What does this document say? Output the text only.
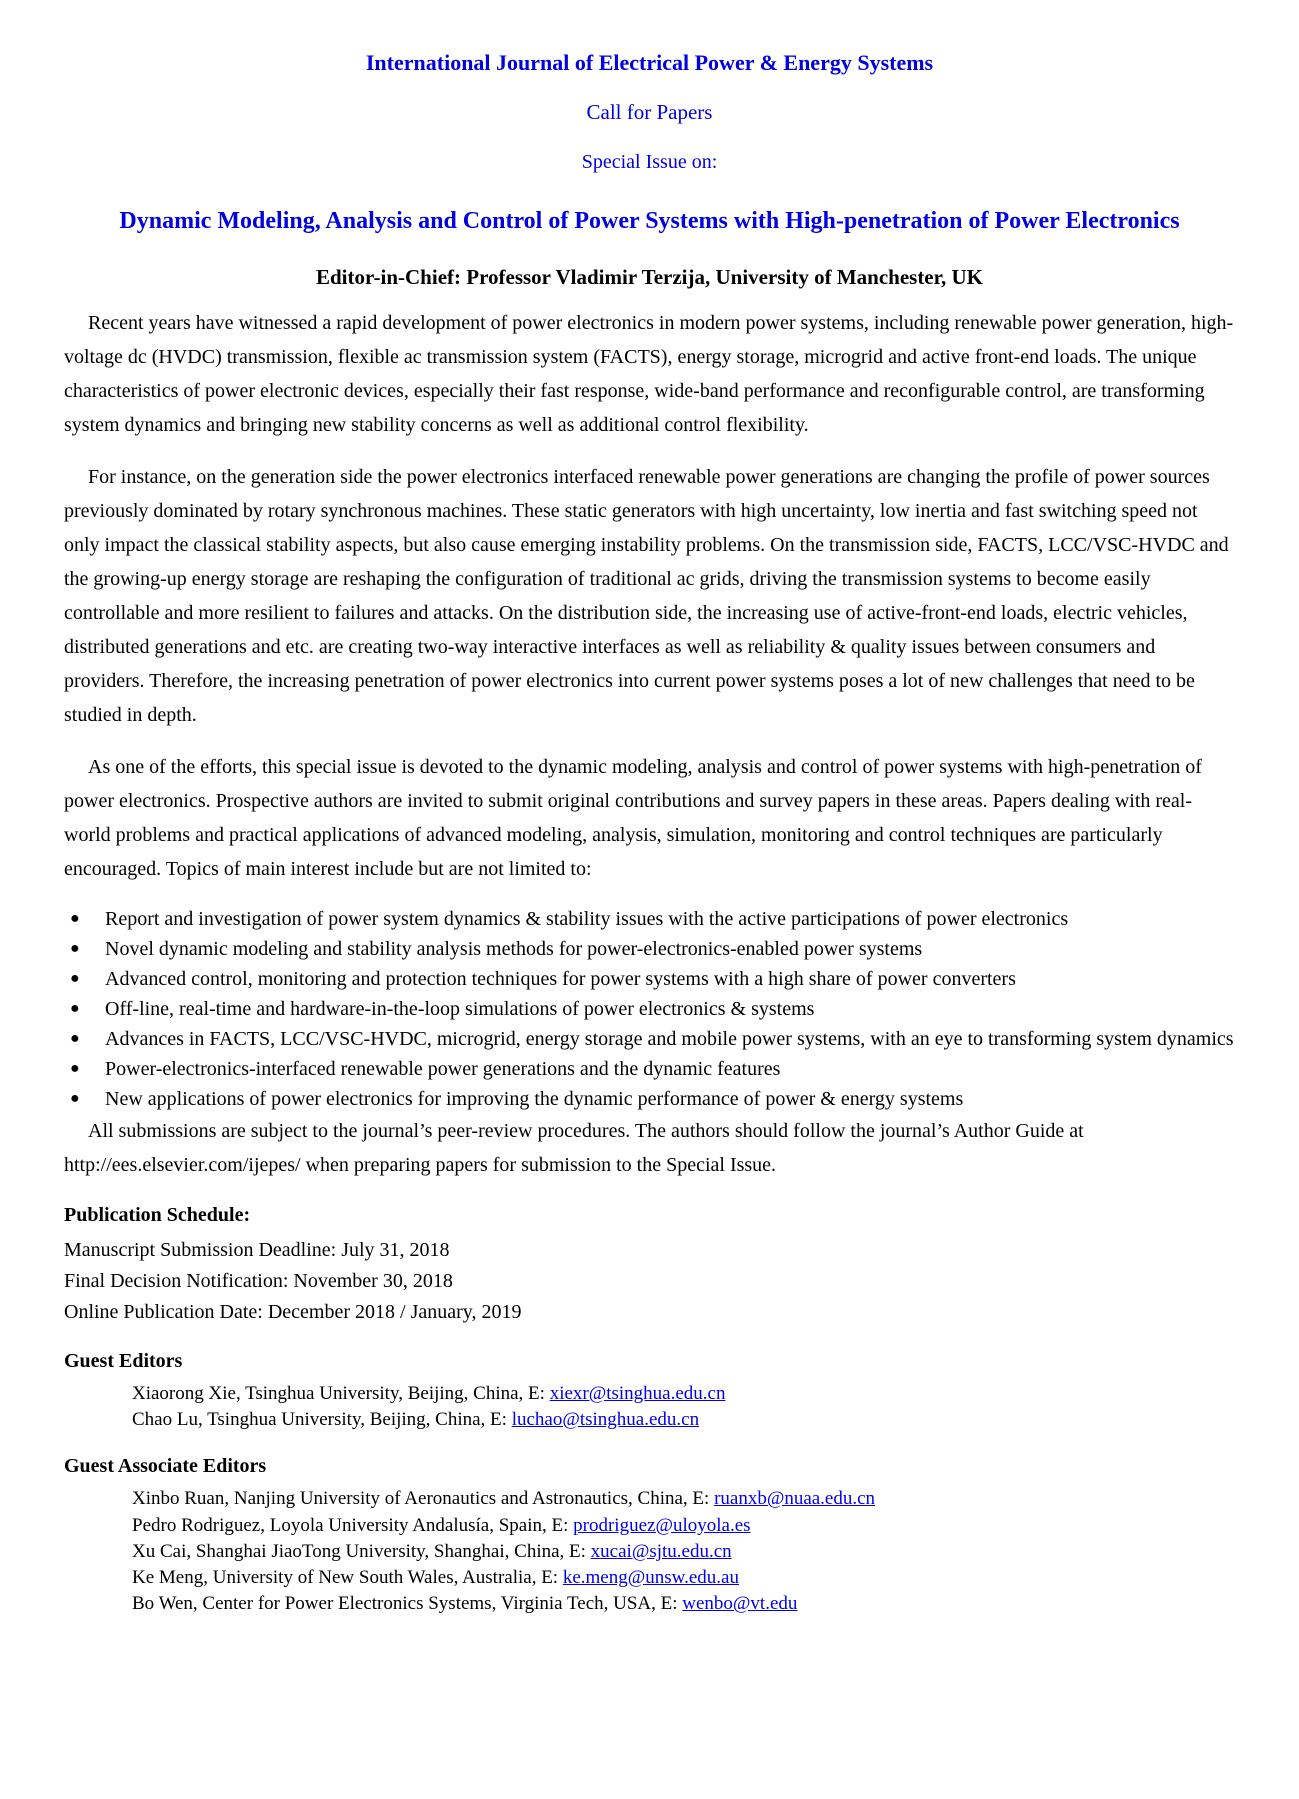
International Journal of Electrical Power & Energy Systems
Call for Papers
Special Issue on:
Dynamic Modeling, Analysis and Control of Power Systems with High-penetration of Power Electronics
Editor-in-Chief: Professor Vladimir Terzija, University of Manchester, UK

Recent years have witnessed a rapid development of power electronics in modern power systems, including renewable power generation, high-voltage dc (HVDC) transmission, flexible ac transmission system (FACTS), energy storage, microgrid and active front-end loads. The unique characteristics of power electronic devices, especially their fast response, wide-band performance and reconfigurable control, are transforming system dynamics and bringing new stability concerns as well as additional control flexibility.

For instance, on the generation side the power electronics interfaced renewable power generations are changing the profile of power sources previously dominated by rotary synchronous machines. These static generators with high uncertainty, low inertia and fast switching speed not only impact the classical stability aspects, but also cause emerging instability problems. On the transmission side, FACTS, LCC/VSC-HVDC and the growing-up energy storage are reshaping the configuration of traditional ac grids, driving the transmission systems to become easily controllable and more resilient to failures and attacks. On the distribution side, the increasing use of active-front-end loads, electric vehicles, distributed generations and etc. are creating two-way interactive interfaces as well as reliability & quality issues between consumers and providers. Therefore, the increasing penetration of power electronics into current power systems poses a lot of new challenges that need to be studied in depth.

As one of the efforts, this special issue is devoted to the dynamic modeling, analysis and control of power systems with high-penetration of power electronics. Prospective authors are invited to submit original contributions and survey papers in these areas. Papers dealing with real-world problems and practical applications of advanced modeling, analysis, simulation, monitoring and control techniques are particularly encouraged. Topics of main interest include but are not limited to:

● Report and investigation of power system dynamics & stability issues with the active participations of power electronics
● Novel dynamic modeling and stability analysis methods for power-electronics-enabled power systems
● Advanced control, monitoring and protection techniques for power systems with a high share of power converters
● Off-line, real-time and hardware-in-the-loop simulations of power electronics & systems
● Advances in FACTS, LCC/VSC-HVDC, microgrid, energy storage and mobile power systems, with an eye to transforming system dynamics
● Power-electronics-interfaced renewable power generations and the dynamic features
● New applications of power electronics for improving the dynamic performance of power & energy systems

All submissions are subject to the journal’s peer-review procedures. The authors should follow the journal’s Author Guide at http://ees.elsevier.com/ijepes/ when preparing papers for submission to the Special Issue.

Publication Schedule:

Manuscript Submission Deadline: July 31, 2018

Final Decision Notification: November 30, 2018

Online Publication Date: December 2018 / January, 2019

Guest Editors

Xiaorong Xie, Tsinghua University, Beijing, China, E: xiexr@tsinghua.edu.cn

Chao Lu, Tsinghua University, Beijing, China, E: luchao@tsinghua.edu.cn

Guest Associate Editors

Xinbo Ruan, Nanjing University of Aeronautics and Astronautics, China, E: ruanxb@nuaa.edu.cn

Pedro Rodriguez, Loyola University Andalusía, Spain, E: prodriguez@uloyola.es

Xu Cai, Shanghai JiaoTong University, Shanghai, China, E: xucai@sjtu.edu.cn

Ke Meng, University of New South Wales, Australia, E: ke.meng@unsw.edu.au

Bo Wen, Center for Power Electronics Systems, Virginia Tech, USA, E: wenbo@vt.edu
